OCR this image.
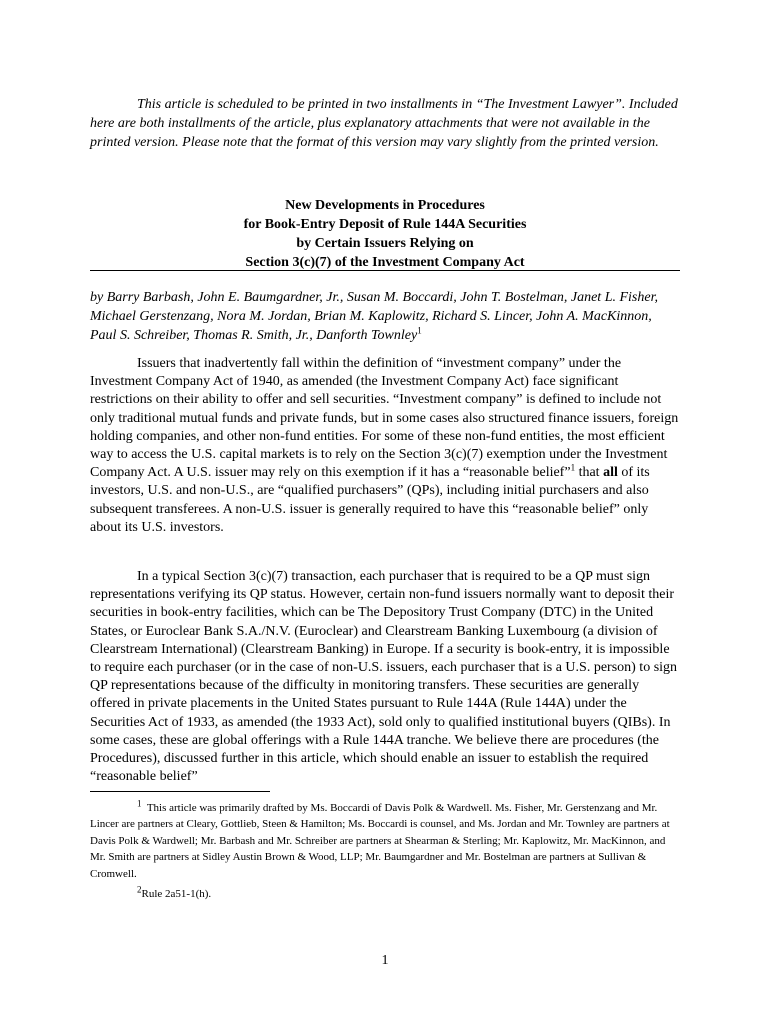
This article is scheduled to be printed in two installments in “The Investment Lawyer”. Included here are both installments of the article, plus explanatory attachments that were not available in the printed version. Please note that the format of this version may vary slightly from the printed version.

New Developments in Procedures
for Book-Entry Deposit of Rule 144A Securities
by Certain Issuers Relying on
Section 3(c)(7) of the Investment Company Act

by Barry Barbash, John E. Baumgardner, Jr., Susan M. Boccardi, John T. Bostelman, Janet L. Fisher, Michael Gerstenzang, Nora M. Jordan, Brian M. Kaplowitz, Richard S. Lincer, John A. MacKinnon, Paul S. Schreiber, Thomas R. Smith, Jr., Danforth Townley$^1$

Issuers that inadvertently fall within the definition of “investment company” under the Investment Company Act of 1940, as amended (the Investment Company Act) face significant restrictions on their ability to offer and sell securities. “Investment company” is defined to include not only traditional mutual funds and private funds, but in some cases also structured finance issuers, foreign holding companies, and other non-fund entities. For some of these non-fund entities, the most efficient way to access the U.S. capital markets is to rely on the Section 3(c)(7) exemption under the Investment Company Act. A U.S. issuer may rely on this exemption if it has a “reasonable belief”$^1$ that all of its investors, U.S. and non-U.S., are “qualified purchasers” (QPs), including initial purchasers and also subsequent transferees. A non-U.S. issuer is generally required to have this “reasonable belief” only about its U.S. investors.

In a typical Section 3(c)(7) transaction, each purchaser that is required to be a QP must sign representations verifying its QP status. However, certain non-fund issuers normally want to deposit their securities in book-entry facilities, which can be The Depository Trust Company (DTC) in the United States, or Euroclear Bank S.A./N.V. (Euroclear) and Clearstream Banking Luxembourg (a division of Clearstream International) (Clearstream Banking) in Europe. If a security is book-entry, it is impossible to require each purchaser (or in the case of non-U.S. issuers, each purchaser that is a U.S. person) to sign QP representations because of the difficulty in monitoring transfers. These securities are generally offered in private placements in the United States pursuant to Rule 144A (Rule 144A) under the Securities Act of 1933, as amended (the 1933 Act), sold only to qualified institutional buyers (QIBs). In some cases, these are global offerings with a Rule 144A tranche. We believe there are procedures (the Procedures), discussed further in this article, which should enable an issuer to establish the required “reasonable belief”

$^1$ This article was primarily drafted by Ms. Boccardi of Davis Polk & Wardwell. Ms. Fisher, Mr. Gerstenzang and Mr. Lincer are partners at Cleary, Gottlieb, Steen & Hamilton; Ms. Boccardi is counsel, and Ms. Jordan and Mr. Townley are partners at Davis Polk & Wardwell; Mr. Barbash and Mr. Schreiber are partners at Shearman & Sterling; Mr. Kaplowitz, Mr. MacKinnon, and Mr. Smith are partners at Sidley Austin Brown & Wood, LLP; Mr. Baumgardner and Mr. Bostelman are partners at Sullivan & Cromwell.

$^2$Rule 2a51-1(h).

1
